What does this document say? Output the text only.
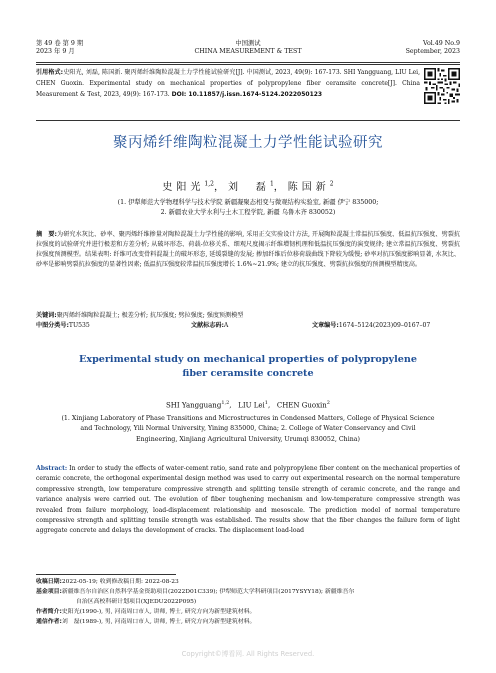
第 49 卷 第 9 期
2023 年 9 月
中国测试
CHINA MEASUREMENT & TEST
Vol.49 No.9
September, 2023
引用格式:史阳光, 刘磊, 陈国新. 聚丙烯纤维陶粒混凝土力学性能试验研究[J]. 中国测试, 2023, 49(9): 167-173. SHI Yangguang, LIU Lei, CHEN Guoxin. Experimental study on mechanical properties of polypropylene fiber ceramsite concrete[J]. China Measurement & Test, 2023, 49(9): 167-173. DOI: 10.11857/j.issn.1674-5124.2022050123
聚丙烯纤维陶粒混凝土力学性能试验研究
史阳光$^{1,2}$，刘　磊$^1$，陈国新$^2$
(1. 伊犁师范大学物理科学与技术学院 新疆凝聚态相变与微观结构实验室, 新疆 伊宁 835000;
2. 新疆农业大学水利与土木工程学院, 新疆 乌鲁木齐 830052)
摘　要:为研究水灰比、砂率、聚丙烯纤维掺量对陶粒混凝土力学性能的影响, 采用正交实验设计方法, 开展陶粒混凝土常温抗压强度、低温抗压强度、劈裂抗拉强度的试验研究并进行极差和方差分析; 从破坏形态、荷载-位移关系、细观尺度揭示纤维增韧机理和低温抗压强度的演变规律; 建立常温抗压强度、劈裂抗拉强度预测模型。结果表明: 纤维可改变骨料混凝土的破坏形态, 延缓裂缝的发展; 掺加纤维后位移荷载曲线下降较为缓慢; 砂率对抗压强度影响显著, 水灰比、砂率是影响劈裂抗拉强度的显著性因素; 低温抗压强度较常温抗压强度增长 1.6%~21.9%; 建立的抗压强度、劈裂抗拉强度的预测模型精度高。
关键词:聚丙烯纤维陶粒混凝土; 极差分析; 抗压强度; 劈拉强度; 强度预测模型
中图分类号:TU535	文献标志码:A	文章编号:1674–5124(2023)09–0167–07
Experimental study on mechanical properties of polypropylene
fiber ceramsite concrete
SHI Yangguang$^{1,2}$,   LIU Lei$^1$,   CHEN Guoxin$^2$
(1. Xinjiang Laboratory of Phase Transitions and Microstructures in Condensed Matters, College of Physical Science
and Technology, Yili Normal University, Yining 835000, China; 2. College of Water Conservancy and Civil
Engineering, Xinjiang Agricultural University, Urumqi 830052, China)
Abstract: In order to study the effects of water-cement ratio, sand rate and polypropylene fiber content on the mechanical properties of ceramic concrete, the orthogonal experimental design method was used to carry out experimental research on the normal temperature compressive strength, low temperature compressive strength and splitting tensile strength of ceramic concrete, and the range and variance analysis were carried out. The evolution of fiber toughening mechanism and low-temperature compressive strength was revealed from failure morphology, load-displacement relationship and mesoscale. The prediction model of normal temperature compressive strength and splitting tensile strength was established. The results show that the fiber changes the failure form of light aggregate concrete and delays the development of cracks. The displacement load-load
收稿日期:2022-05-19; 收到修改稿日期: 2022-08-23
基金项目:新疆维吾尔自治区自然科学基金资助项目(2022D01C339); 伊犁师范大学科研项目(2017YSYY18); 新疆维吾尔
自治区高校科研计划项目(XJEDU2022P095)
作者简介:史阳光(1990-), 男, 河南周口市人, 讲师, 博士, 研究方向为新型建筑材料。
通信作者:刘　磊(1989-), 男, 河南周口市人, 讲师, 博士, 研究方向为新型建筑材料。
Copyright©博看网. All Rights Reserved.
